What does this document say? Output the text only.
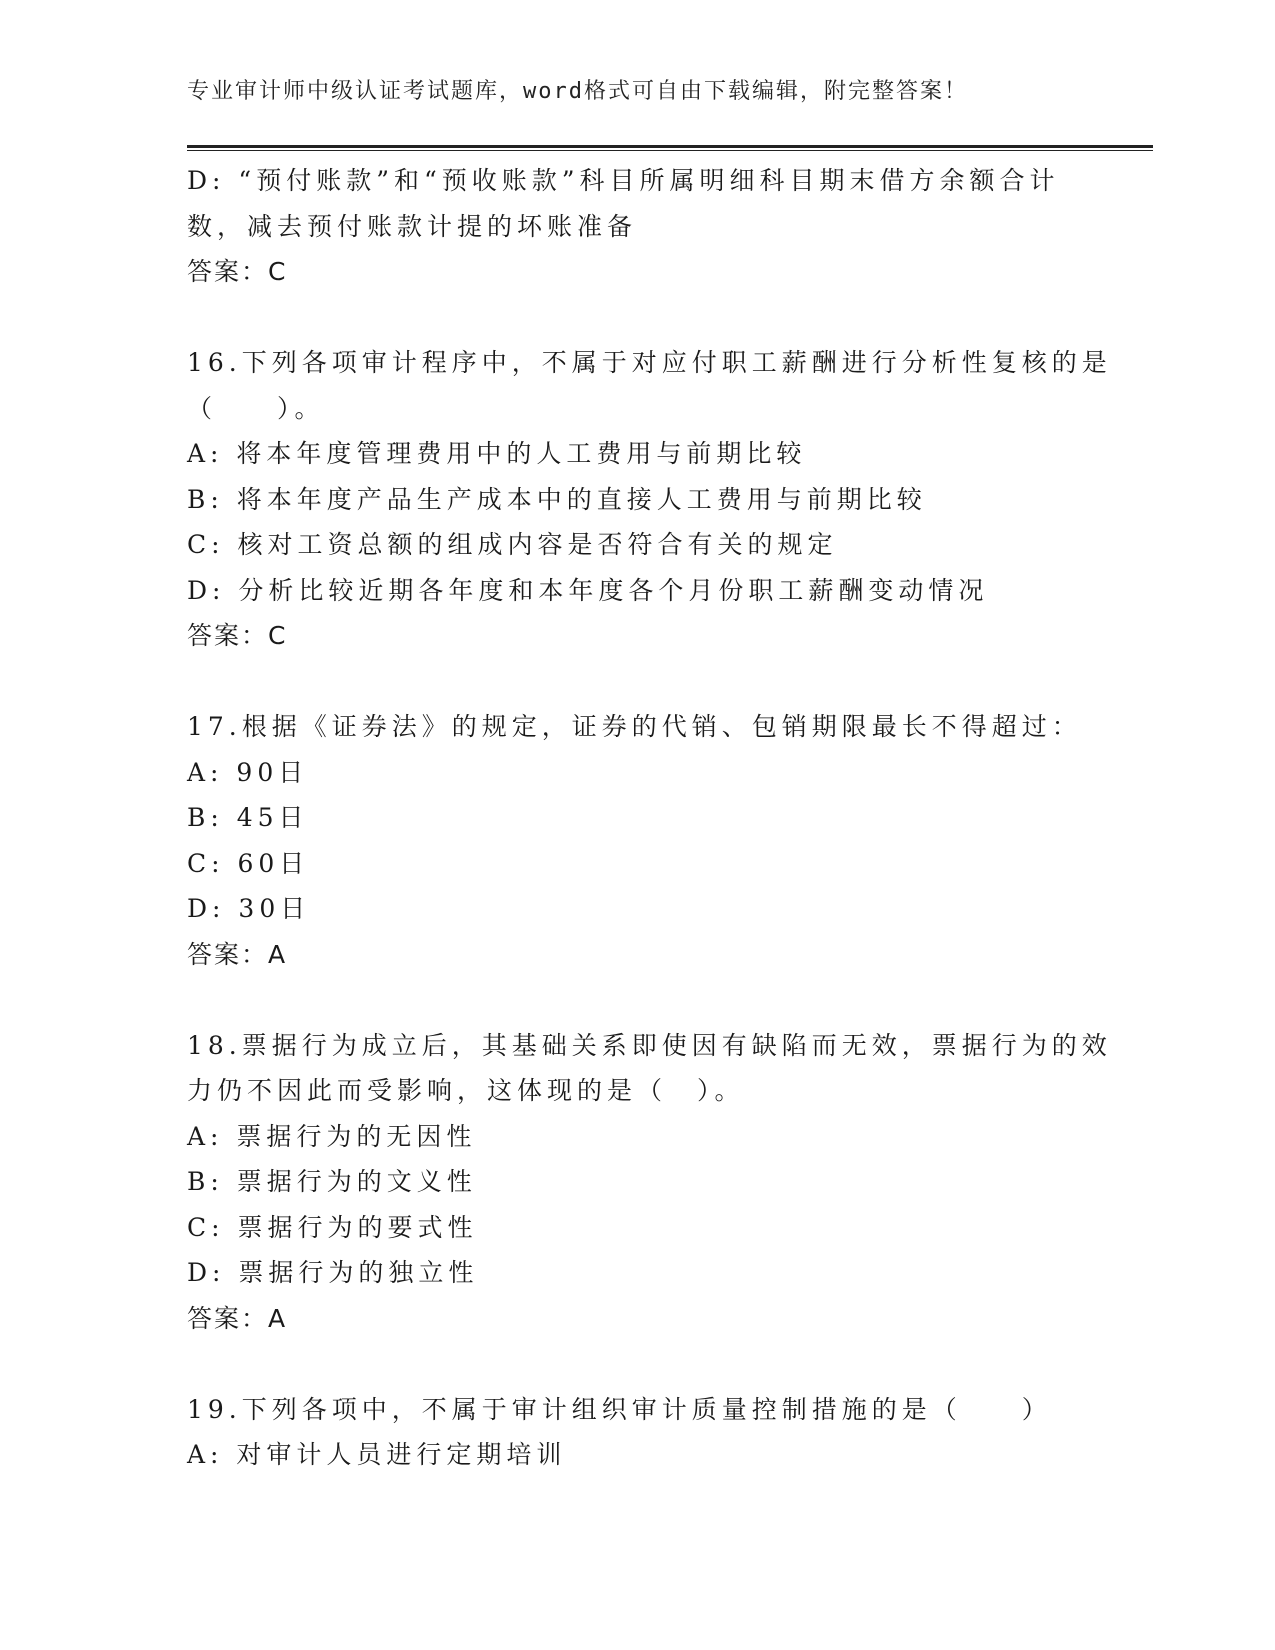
专业审计师中级认证考试题库，word格式可自由下载编辑，附完整答案！
D: “预付账款”和“预收账款”科目所属明细科目期末借方余额合计
数，减去预付账款计提的坏账准备
答案：C
16.下列各项审计程序中，不属于对应付职工薪酬进行分析性复核的是
（　　）。
A: 将本年度管理费用中的人工费用与前期比较
B: 将本年度产品生产成本中的直接人工费用与前期比较
C: 核对工资总额的组成内容是否符合有关的规定
D: 分析比较近期各年度和本年度各个月份职工薪酬变动情况
答案：C
17.根据《证券法》的规定，证券的代销、包销期限最长不得超过：
A: 90日
B: 45日
C: 60日
D: 30日
答案：A
18.票据行为成立后，其基础关系即使因有缺陷而无效，票据行为的效
力仍不因此而受影响，这体现的是（　）。
A: 票据行为的无因性
B: 票据行为的文义性
C: 票据行为的要式性
D: 票据行为的独立性
答案：A
19.下列各项中，不属于审计组织审计质量控制措施的是（　　）
A: 对审计人员进行定期培训
